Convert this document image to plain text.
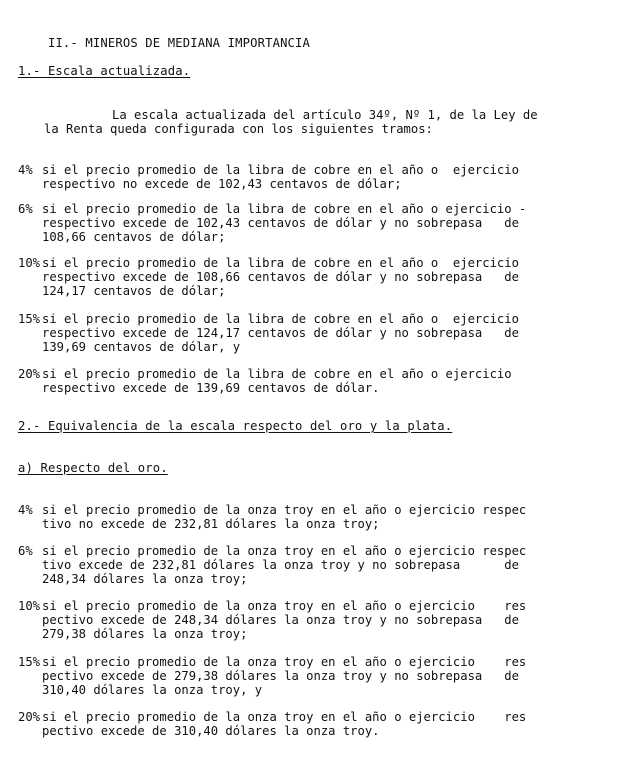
II.- MINEROS DE MEDIANA IMPORTANCIA

1.- Escala actualizada.
La escala actualizada del artículo 34º, Nº 1, de la Ley de
la Renta queda configurada con los siguientes tramos:
4% si el precio promedio de la libra de cobre en el año o  ejercicio
respectivo no excede de 102,43 centavos de dólar;
6% si el precio promedio de la libra de cobre en el año o ejercicio -
respectivo excede de 102,43 centavos de dólar y no sobrepasa   de
108,66 centavos de dólar;
10% si el precio promedio de la libra de cobre en el año o  ejercicio
respectivo excede de 108,66 centavos de dólar y no sobrepasa   de
124,17 centavos de dólar;
15% si el precio promedio de la libra de cobre en el año o  ejercicio
respectivo excede de 124,17 centavos de dólar y no sobrepasa   de
139,69 centavos de dólar, y
20% si el precio promedio de la libra de cobre en el año o ejercicio
respectivo excede de 139,69 centavos de dólar.
2.- Equivalencia de la escala respecto del oro y la plata.
a) Respecto del oro.
4% si el precio promedio de la onza troy en el año o ejercicio respec
tivo no excede de 232,81 dólares la onza troy;
6% si el precio promedio de la onza troy en el año o ejercicio respec
tivo excede de 232,81 dólares la onza troy y no sobrepasa      de
248,34 dólares la onza troy;
10% si el precio promedio de la onza troy en el año o ejercicio    res
pectivo excede de 248,34 dólares la onza troy y no sobrepasa   de
279,38 dólares la onza troy;
15% si el precio promedio de la onza troy en el año o ejercicio    res
pectivo excede de 279,38 dólares la onza troy y no sobrepasa   de
310,40 dólares la onza troy, y
20% si el precio promedio de la onza troy en el año o ejercicio    res
pectivo excede de 310,40 dólares la onza troy.
